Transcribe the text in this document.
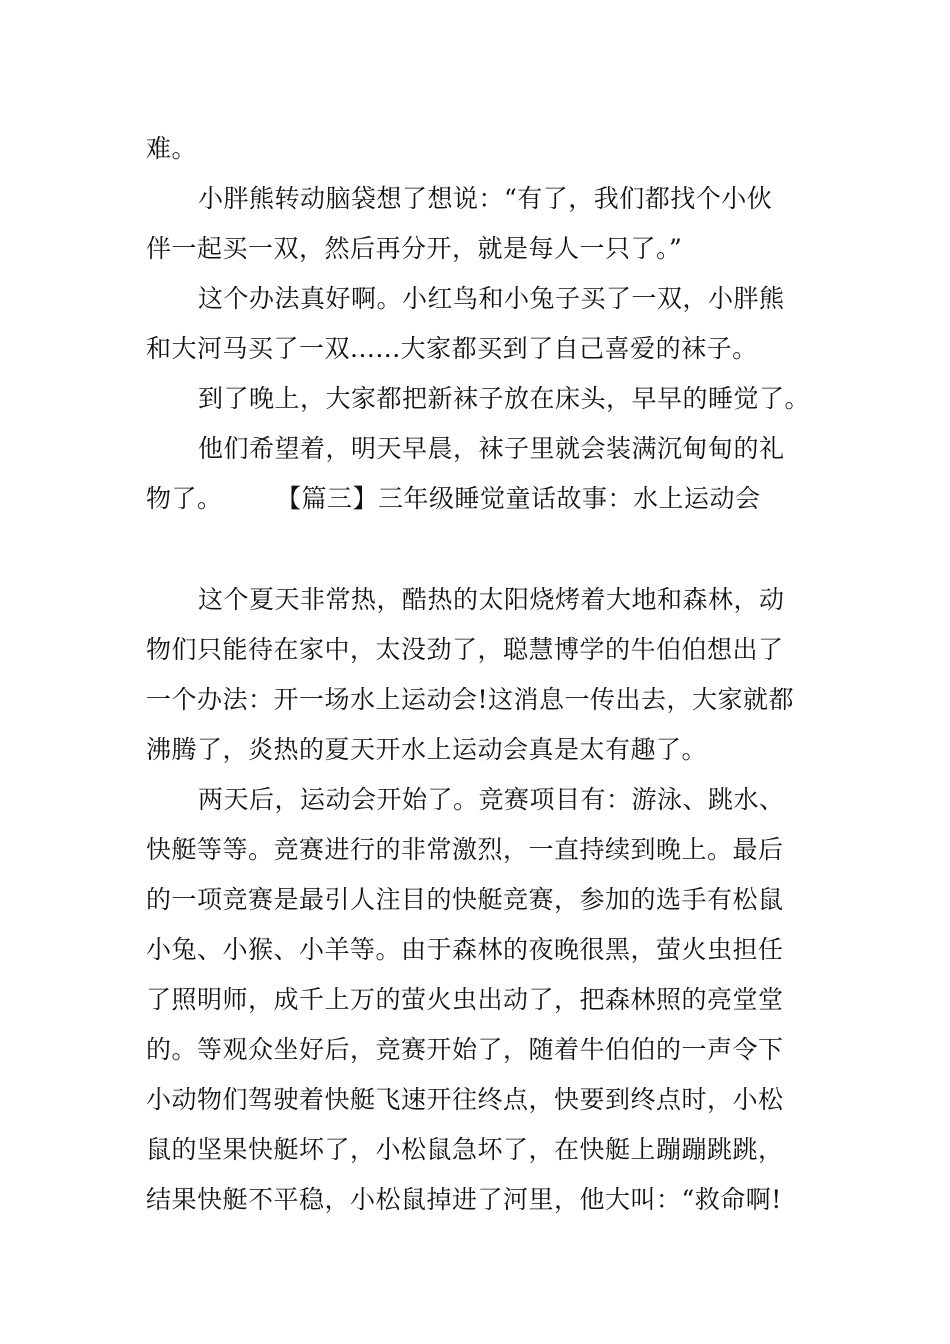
难。
小胖熊转动脑袋想了想说：“有了，我们都找个小伙
伴一起买一双，然后再分开，就是每人一只了。”
这个办法真好啊。小红鸟和小兔子买了一双，小胖熊
和大河马买了一双......大家都买到了自己喜爱的袜子。
到了晚上，大家都把新袜子放在床头，早早的睡觉了。
他们希望着，明天早晨，袜子里就会装满沉甸甸的礼
物了。	【篇三】三年级睡觉童话故事：水上运动会
这个夏天非常热，酷热的太阳烧烤着大地和森林，动
物们只能待在家中，太没劲了，聪慧博学的牛伯伯想出了
一个办法：开一场水上运动会!这消息一传出去，大家就都
沸腾了，炎热的夏天开水上运动会真是太有趣了。
两天后，运动会开始了。竞赛项目有：游泳、跳水、
快艇等等。竞赛进行的非常激烈，一直持续到晚上。最后
的一项竞赛是最引人注目的快艇竞赛，参加的选手有松鼠
小兔、小猴、小羊等。由于森林的夜晚很黑，萤火虫担任
了照明师，成千上万的萤火虫出动了，把森林照的亮堂堂
的。等观众坐好后，竞赛开始了，随着牛伯伯的一声令下
小动物们驾驶着快艇飞速开往终点，快要到终点时，小松
鼠的坚果快艇坏了，小松鼠急坏了，在快艇上蹦蹦跳跳，
结果快艇不平稳，小松鼠掉进了河里，他大叫：“救命啊!
